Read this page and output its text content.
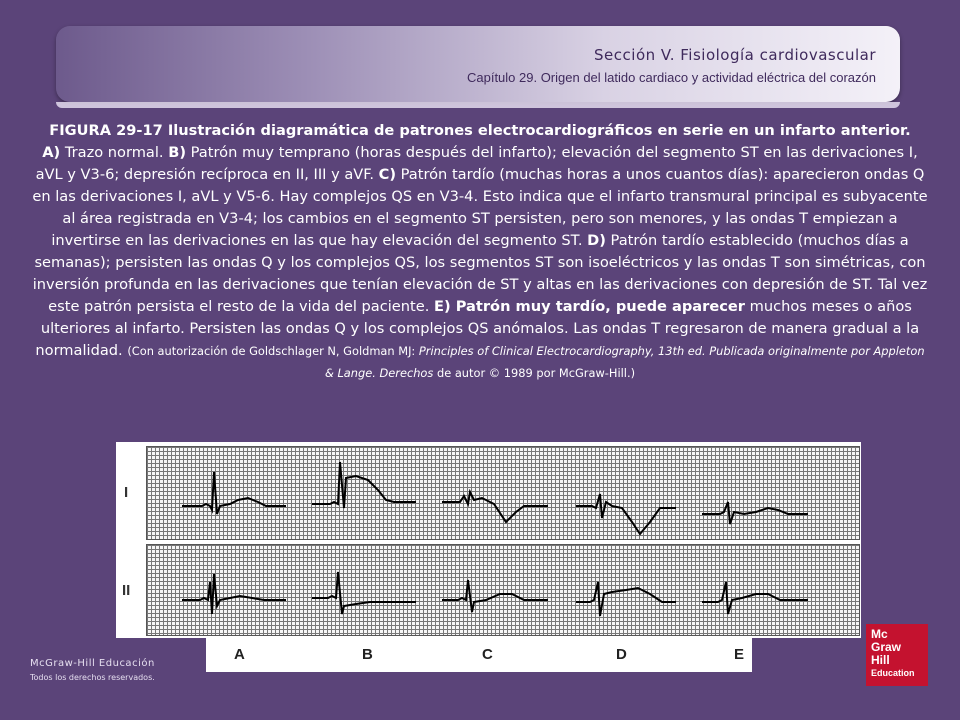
Sección V. Fisiología cardiovascular
Capítulo 29. Origen del latido cardiaco y actividad eléctrica del corazón
FIGURA 29-17 Ilustración diagramática de patrones electrocardiográficos en serie en un infarto anterior.
A) Trazo normal. B) Patrón muy temprano (horas después del infarto); elevación del segmento ST en las derivaciones I, aVL y V3-6; depresión recíproca en II, III y aVF. C) Patrón tardío (muchas horas a unos cuantos días): aparecieron ondas Q en las derivaciones I, aVL y V5-6. Hay complejos QS en V3-4. Esto indica que el infarto transmural principal es subyacente al área registrada en V3-4; los cambios en el segmento ST persisten, pero son menores, y las ondas T empiezan a invertirse en las derivaciones en las que hay elevación del segmento ST. D) Patrón tardío establecido (muchos días a semanas); persisten las ondas Q y los complejos QS, los segmentos ST son isoeléctricos y las ondas T son simétricas, con inversión profunda en las derivaciones que tenían elevación de ST y altas en las derivaciones con depresión de ST. Tal vez este patrón persista el resto de la vida del paciente. E) Patrón muy tardío, puede aparecer muchos meses o años ulteriores al infarto. Persisten las ondas Q y los complejos QS anómalos. Las ondas T regresaron de manera gradual a la normalidad. (Con autorización de Goldschlager N, Goldman MJ: Principles of Clinical Electrocardiography, 13th ed. Publicada originalmente por Appleton & Lange. Derechos de autor © 1989 por McGraw-Hill.)
I
II
A	B	C	D	E
McGraw-Hill Educación
Todos los derechos reservados.
Mc
Graw
Hill
Education
